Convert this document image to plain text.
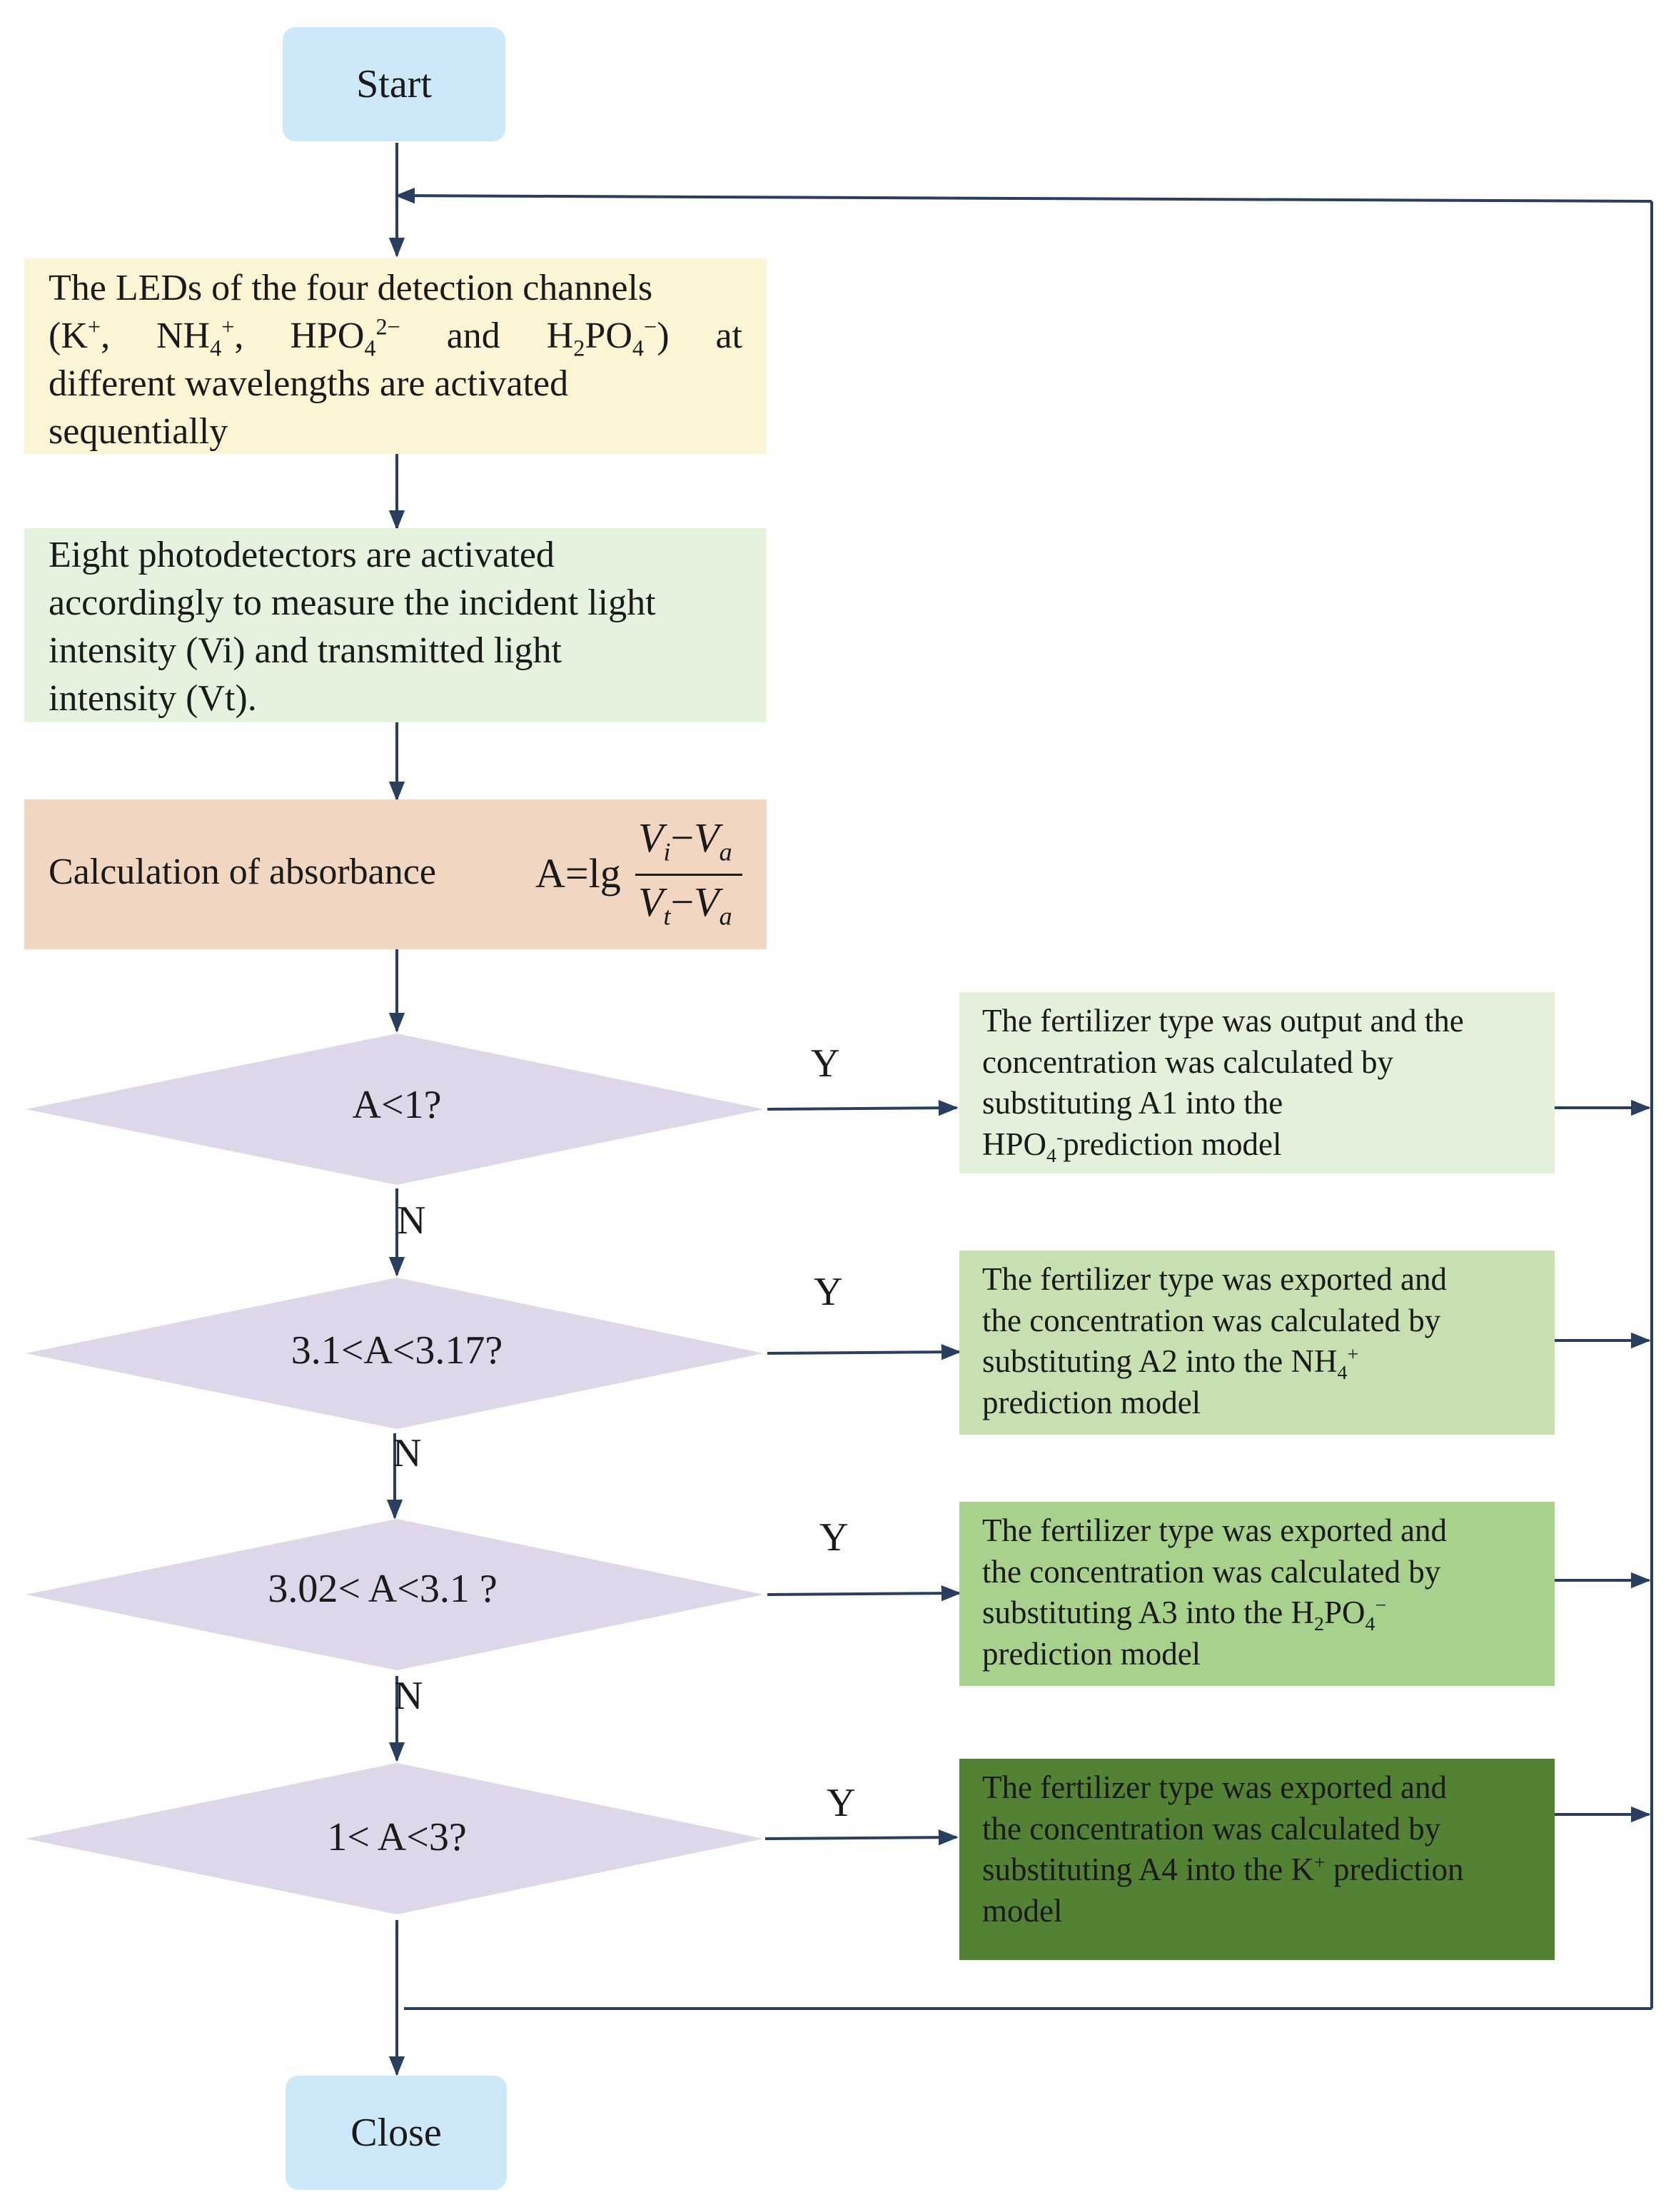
Start
Close
The LEDs of the four detection channels
(K+, $NH_4^+$, $HPO_4^{2-}$ and $H_2PO_4^-$) at
different wavelengths are activated
sequentially
Eight photodetectors are activated
accordingly to measure the incident light
intensity (Vi) and transmitted light
intensity (Vt).
Calculation of absorbance A=lg
$V_i-V_a$
$V_t-V_a$
A<1?
3.1<A<3.17?
3.02< A<3.1 ?
1< A<3?
Y
Y
Y
Y
N
N
N
The fertilizer type was output and the
concentration was calculated by
substituting A1 into the
$HPO_4^-prediction$ model
The fertilizer type was exported and
the concentration was calculated by
substituting A2 into the $NH_4^+$
prediction model
The fertilizer type was exported and
the concentration was calculated by
substituting A3 into the $H_2PO_4^-$
prediction model
The fertilizer type was exported and
the concentration was calculated by
substituting A4 into the K+ prediction
model
